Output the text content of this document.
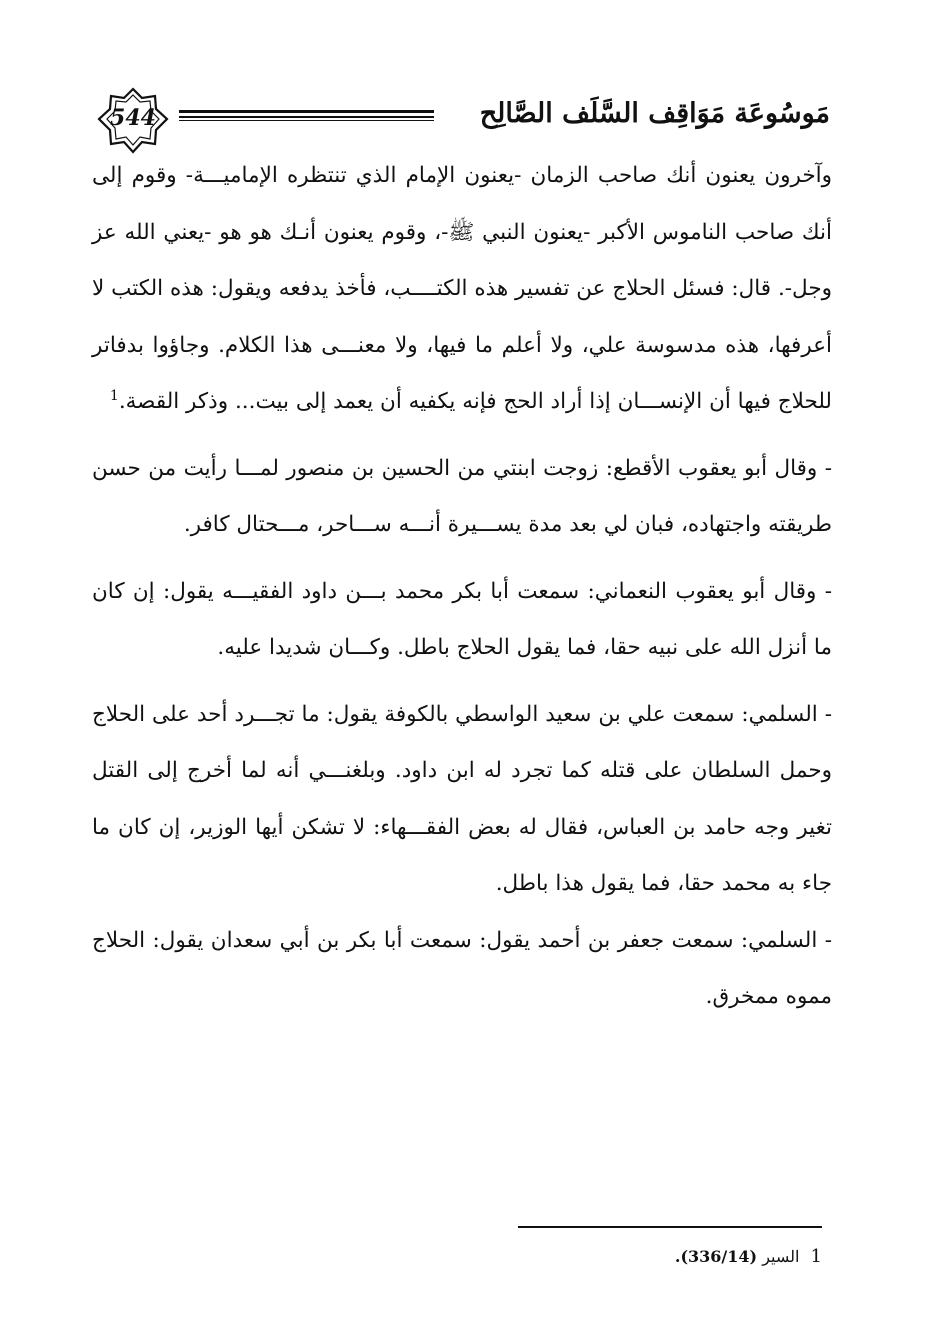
544	مَوسُوعَة مَوَاقِف السَّلَف الصَّالِح

وآخرون يعنون أنك صاحب الزمان -يعنون الإمام الذي تنتظره الإماميـــة- وقوم إلى أنك صاحب الناموس الأكبر -يعنون النبي ﷺ-، وقوم يعنون أنـك هو هو -يعني الله عز وجل-. قال: فسئل الحلاج عن تفسير هذه الكتــــب، فأخذ يدفعه ويقول: هذه الكتب لا أعرفها، هذه مدسوسة علي، ولا أعلم ما فيها، ولا معنـــى هذا الكلام. وجاؤوا بدفاتر للحلاج فيها أن الإنســـان إذا أراد الحج فإنه يكفيه أن يعمد إلى بيت... وذكر القصة.$^1$

- وقال أبو يعقوب الأقطع: زوجت ابنتي من الحسين بن منصور لمـــا رأيت من حسن طريقته واجتهاده، فبان لي بعد مدة يســـيرة أنـــه ســـاحر، مـــحتال كافر.

- وقال أبو يعقوب النعماني: سمعت أبا بكر محمد بـــن داود الفقيـــه يقول: إن كان ما أنزل الله على نبيه حقا، فما يقول الحلاج باطل. وكـــان شديدا عليه.

- السلمي: سمعت علي بن سعيد الواسطي بالكوفة يقول: ما تجـــرد أحد على الحلاج وحمل السلطان على قتله كما تجرد له ابن داود. وبلغنـــي أنه لما أخرج إلى القتل تغير وجه حامد بن العباس، فقال له بعض الفقـــهاء: لا تشكن أيها الوزير، إن كان ما جاء به محمد حقا، فما يقول هذا باطل.

- السلمي: سمعت جعفر بن أحمد يقول: سمعت أبا بكر بن أبي سعدان يقول: الحلاج مموه ممخرق.

1 السير (336/14).
